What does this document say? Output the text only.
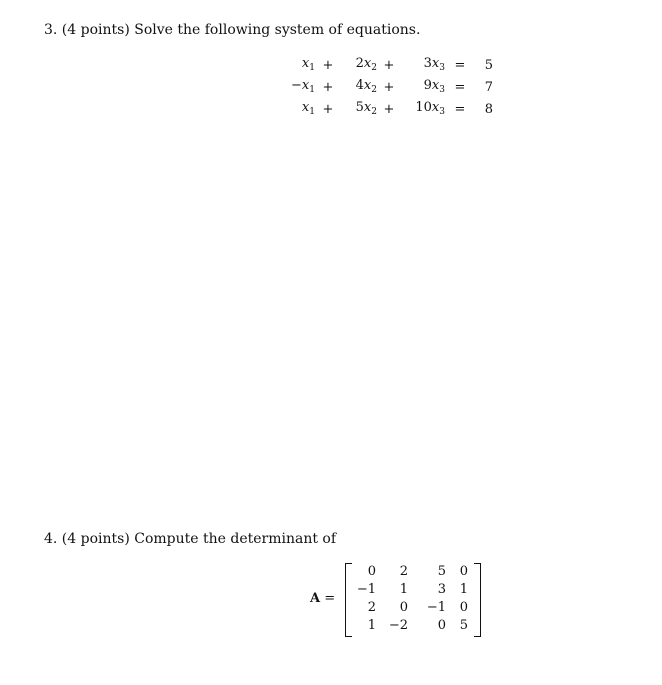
3. (4 points) Solve the following system of equations.
$x_1$	+	$2x_2$	+	$3x_3$	=	5
$-x_1$	+	$4x_2$	+	$9x_3$	=	7
$x_1$	+	$5x_2$	+	$10x_3$	=	8
4. (4 points) Compute the determinant of
A =
0	2	5	0
−1	1	3	1
2	0	−1	0
1	−2	0	5
